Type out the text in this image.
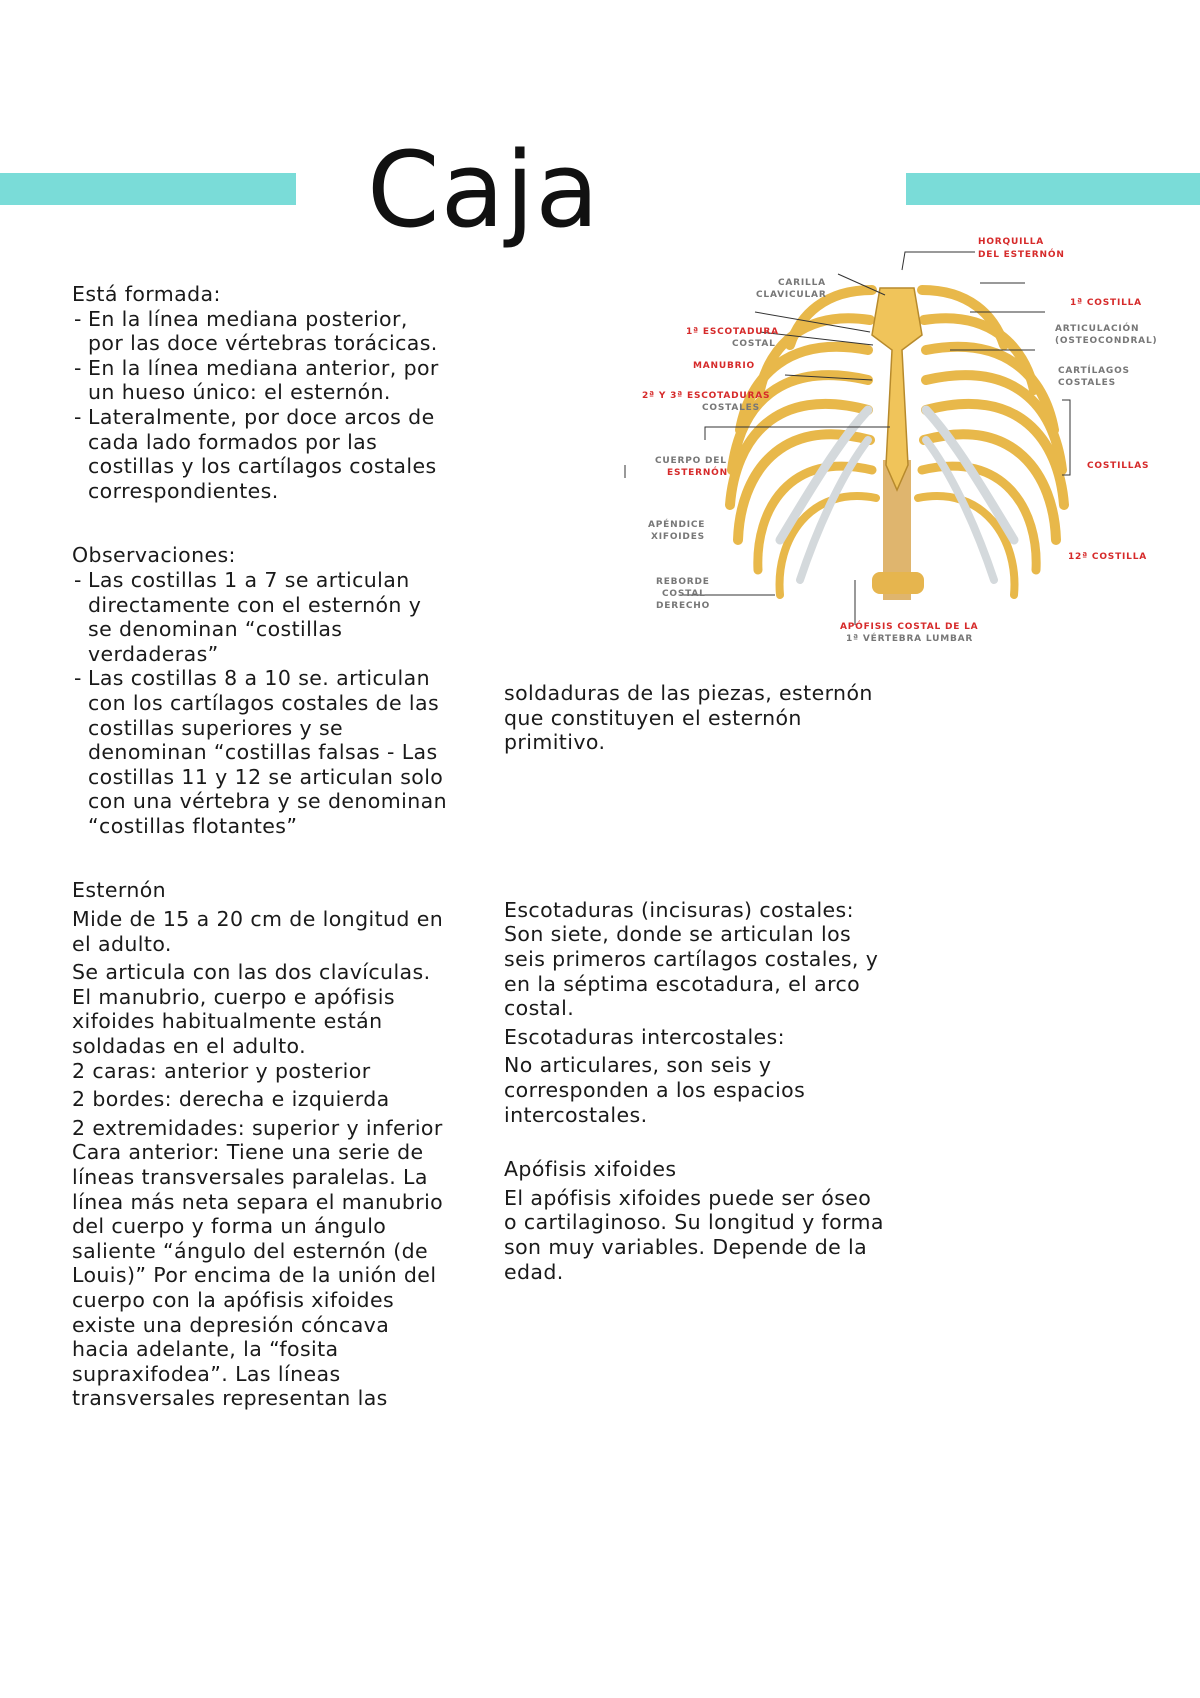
Caja

Está formada:

- En la línea mediana posterior, por las doce vértebras torácicas.
- En la línea mediana anterior, por un hueso único: el esternón.
- Lateralmente, por doce arcos de cada lado formados por las costillas y los cartílagos costales correspondientes.

Observaciones:

- Las costillas 1 a 7 se articulan directamente con el esternón y se denominan “costillas verdaderas”
- Las costillas 8 a 10 se. articulan con los cartílagos costales de las costillas superiores y se denominan “costillas falsas - Las costillas 11 y 12 se articulan solo con una vértebra y se denominan “costillas flotantes”

Esternón

Mide de 15 a 20 cm de longitud en el adulto.

Se articula con las dos clavículas. El manubrio, cuerpo e apófisis xifoides habitualmente están soldadas en el adulto.

2 caras: anterior y posterior

2 bordes: derecha e izquierda

2 extremidades: superior y inferior Cara anterior: Tiene una serie de líneas transversales paralelas. La línea más neta separa el manubrio del cuerpo y forma un ángulo saliente “ángulo del esternón (de Louis)” Por encima de la unión del cuerpo con la apófisis xifoides existe una depresión cóncava hacia adelante, la “fosita supraxifodea”. Las líneas transversales representan las

soldaduras de las piezas, esternón que constituyen el esternón primitivo.

Escotaduras (incisuras) costales:

Son siete, donde se articulan los seis primeros cartílagos costales, y en la séptima escotadura, el arco costal.

Escotaduras intercostales:

No articulares, son seis y corresponden a los espacios intercostales.

Apófisis xifoides

El apófisis xifoides puede ser óseo o cartilaginoso. Su longitud y forma son muy variables. Depende de la edad.

HORQUILLA
DEL ESTERNÓN
CARILLA
CLAVICULAR
1ª COSTILLA
1ª ESCOTADURA
COSTAL
ARTICULACIÓN
(OSTEOCONDRAL)
MANUBRIO	CARTÍLAGOS
COSTALES
2ª Y 3ª ESCOTADURAS
COSTALES
CUERPO DEL
ESTERNÓN
COSTILLAS
APÉNDICE
XIFOIDES
12ª COSTILLA
REBORDE
COSTAL
DERECHO
APÓFISIS COSTAL DE LA
1ª VÉRTEBRA LUMBAR
